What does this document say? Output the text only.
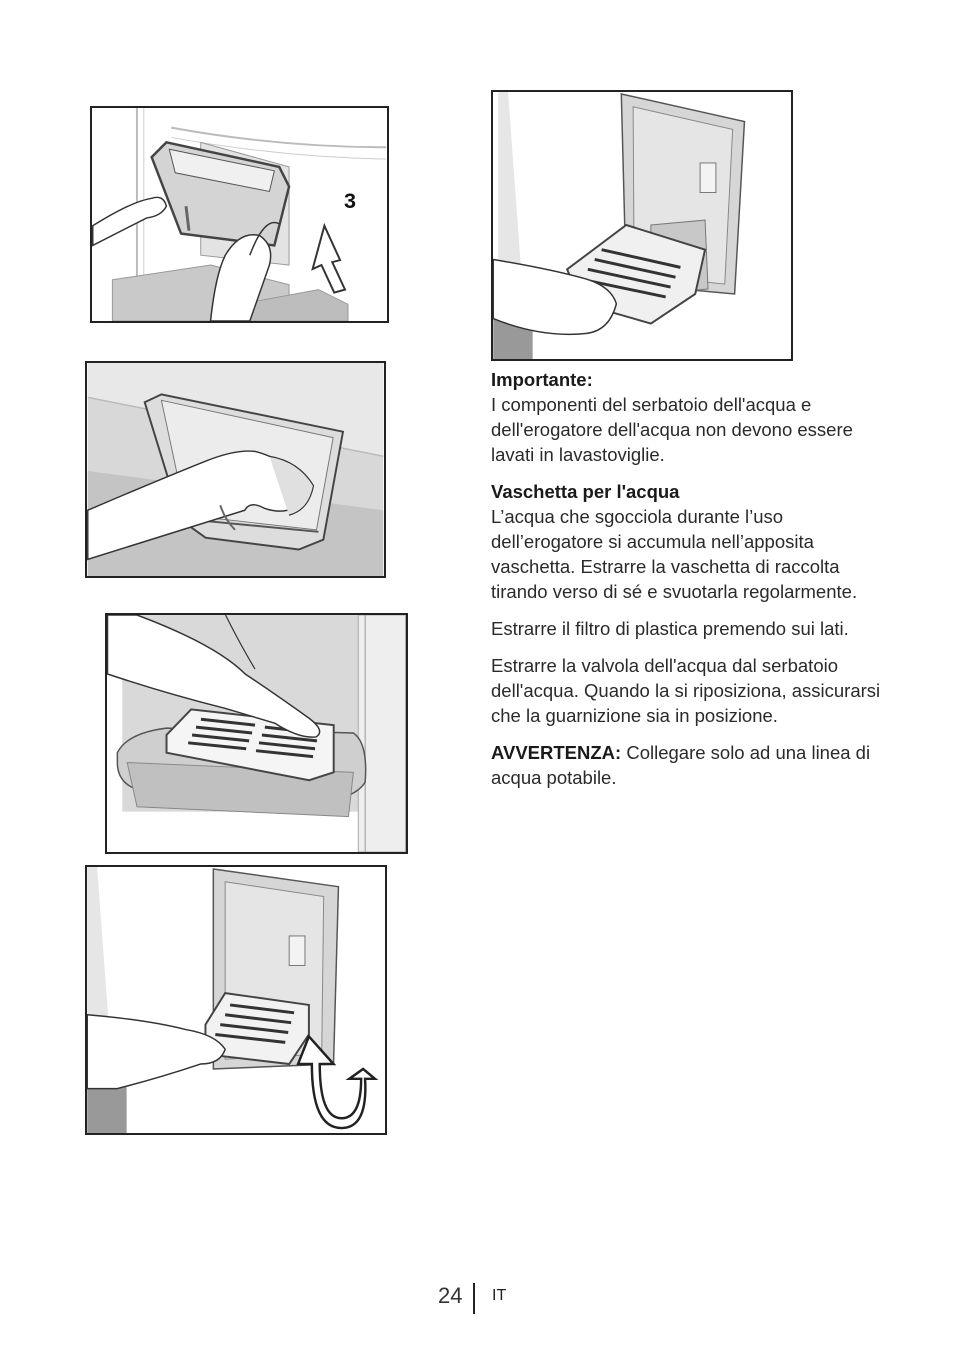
3

Importante:
I componenti del serbatoio dell'acqua e dell'erogatore dell'acqua non devono essere lavati in lavastoviglie.

Vaschetta per l'acqua
L’acqua che sgocciola durante l’uso dell’erogatore si accumula nell’apposita vaschetta. Estrarre la vaschetta di raccolta tirando verso di sé e svuotarla regolarmente.

Estrarre il filtro di plastica premendo sui lati.

Estrarre la valvola dell'acqua dal serbatoio dell'acqua. Quando la si riposiziona, assicurarsi che la guarnizione sia in posizione.

AVVERTENZA: Collegare solo ad una linea di acqua potabile.

24 IT
